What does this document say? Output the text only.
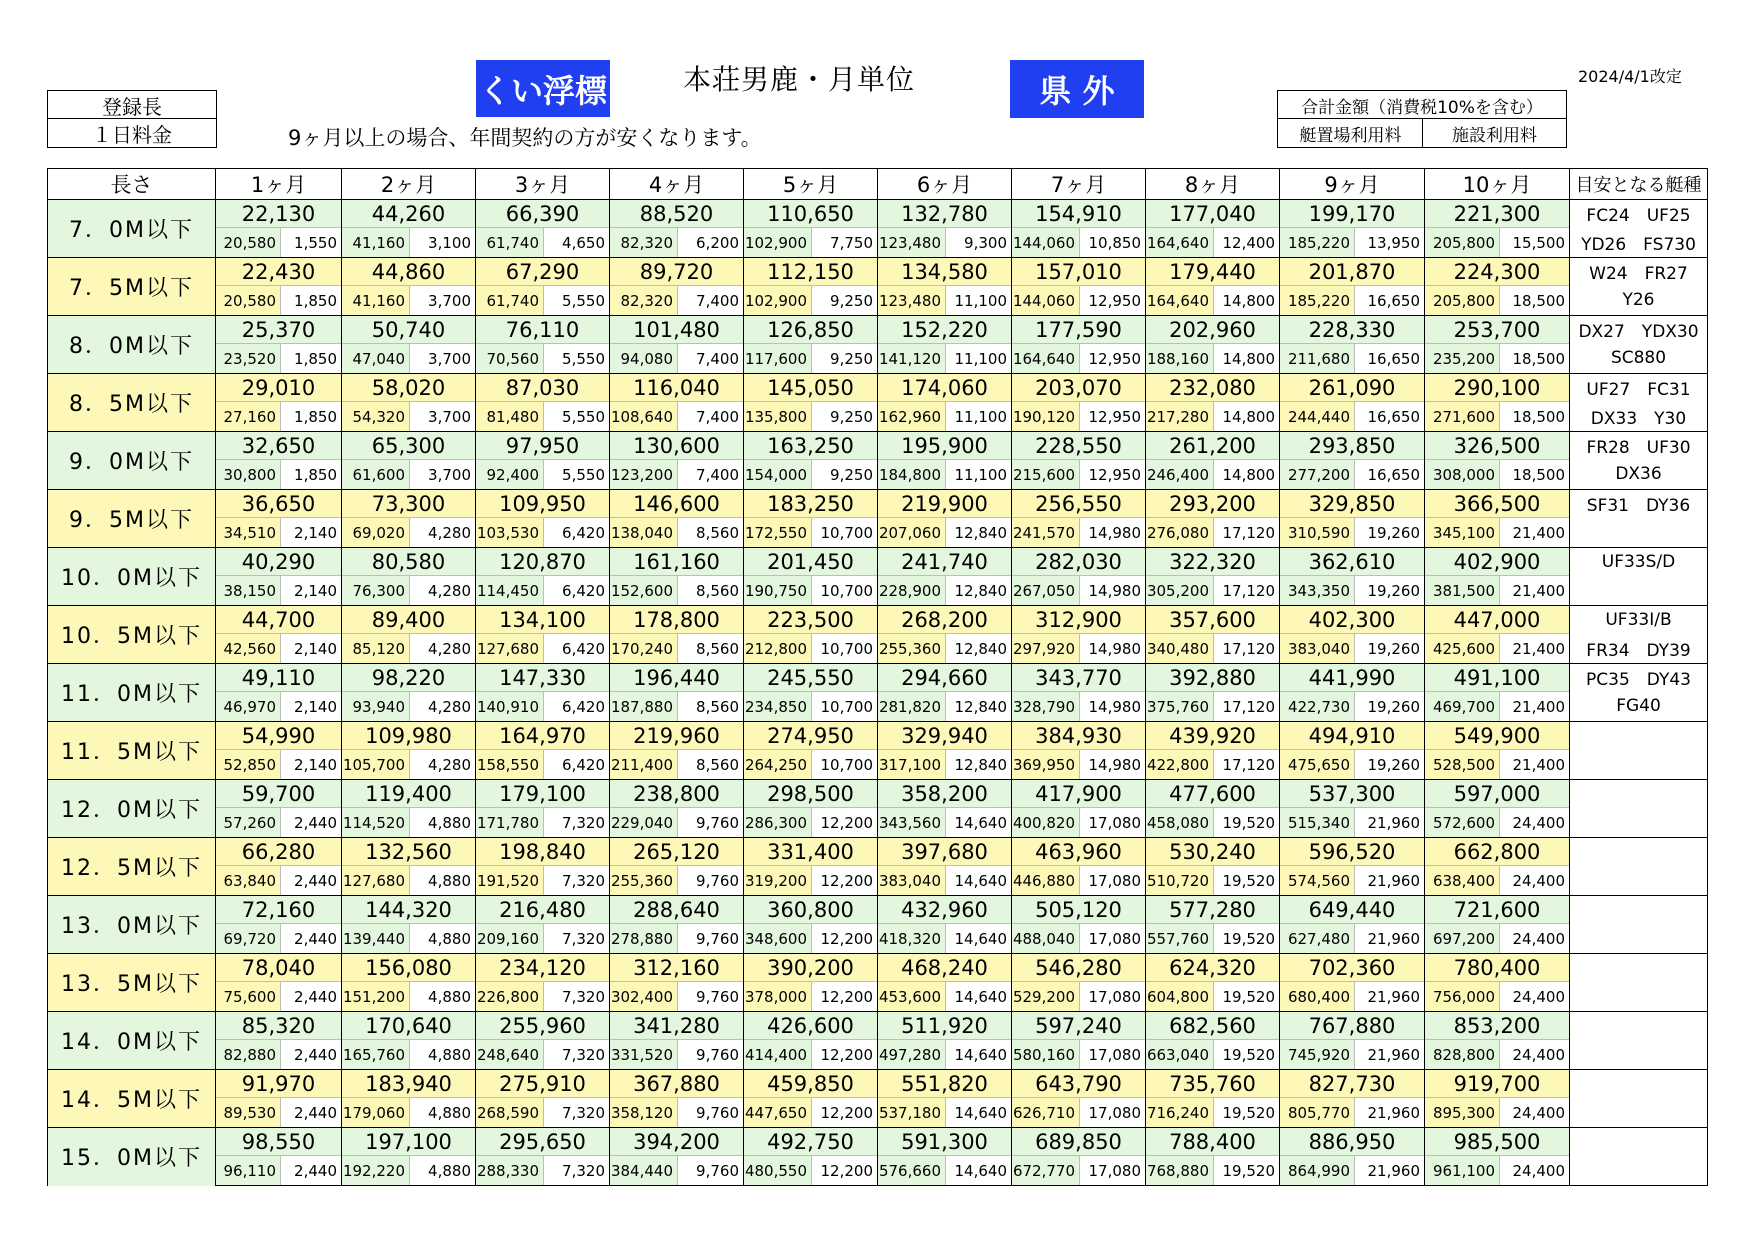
くい浮標	本荘男鹿・月単位	県 外	2024/4/1改定
登録長
１日料金	9ヶ月以上の場合、年間契約の方が安くなります。
合計金額（消費税10%を含む）
艇置場利用料	施設利用料
長さ	1ヶ月		2ヶ月		3ヶ月		4ヶ月		5ヶ月		6ヶ月		7ヶ月		8ヶ月		9ヶ月		10ヶ月		目安となる艇種
7．0M以下	22,130		44,260		66,390		88,520		110,650		132,780		154,910		177,040		199,170		221,300		FC24　UF25
	20,580	1,550	41,160	3,100	61,740	4,650	82,320	6,200	102,900	7,750	123,480	9,300	144,060	10,850	164,640	12,400	185,220	13,950	205,800	15,500	YD26　FS730
7．5M以下	22,430		44,860		67,290		89,720		112,150		134,580		157,010		179,440		201,870		224,300		W24　FR27
	20,580	1,850	41,160	3,700	61,740	5,550	82,320	7,400	102,900	9,250	123,480	11,100	144,060	12,950	164,640	14,800	185,220	16,650	205,800	18,500	Y26
8．0M以下	25,370		50,740		76,110		101,480		126,850		152,220		177,590		202,960		228,330		253,700		DX27　YDX30
	23,520	1,850	47,040	3,700	70,560	5,550	94,080	7,400	117,600	9,250	141,120	11,100	164,640	12,950	188,160	14,800	211,680	16,650	235,200	18,500	SC880
8．5M以下	29,010		58,020		87,030		116,040		145,050		174,060		203,070		232,080		261,090		290,100		UF27　FC31
	27,160	1,850	54,320	3,700	81,480	5,550	108,640	7,400	135,800	9,250	162,960	11,100	190,120	12,950	217,280	14,800	244,440	16,650	271,600	18,500	DX33　Y30
9．0M以下	32,650		65,300		97,950		130,600		163,250		195,900		228,550		261,200		293,850		326,500		FR28　UF30
	30,800	1,850	61,600	3,700	92,400	5,550	123,200	7,400	154,000	9,250	184,800	11,100	215,600	12,950	246,400	14,800	277,200	16,650	308,000	18,500	DX36
9．5M以下	36,650		73,300		109,950		146,600		183,250		219,900		256,550		293,200		329,850		366,500		SF31　DY36
	34,510	2,140	69,020	4,280	103,530	6,420	138,040	8,560	172,550	10,700	207,060	12,840	241,570	14,980	276,080	17,120	310,590	19,260	345,100	21,400	
10．0M以下	40,290		80,580		120,870		161,160		201,450		241,740		282,030		322,320		362,610		402,900		UF33S/D
	38,150	2,140	76,300	4,280	114,450	6,420	152,600	8,560	190,750	10,700	228,900	12,840	267,050	14,980	305,200	17,120	343,350	19,260	381,500	21,400	
10．5M以下	44,700		89,400		134,100		178,800		223,500		268,200		312,900		357,600		402,300		447,000		UF33I/B
	42,560	2,140	85,120	4,280	127,680	6,420	170,240	8,560	212,800	10,700	255,360	12,840	297,920	14,980	340,480	17,120	383,040	19,260	425,600	21,400	FR34　DY39
11．0M以下	49,110		98,220		147,330		196,440		245,550		294,660		343,770		392,880		441,990		491,100		PC35　DY43
	46,970	2,140	93,940	4,280	140,910	6,420	187,880	8,560	234,850	10,700	281,820	12,840	328,790	14,980	375,760	17,120	422,730	19,260	469,700	21,400	FG40
11．5M以下	54,990		109,980		164,970		219,960		274,950		329,940		384,930		439,920		494,910		549,900		
	52,850	2,140	105,700	4,280	158,550	6,420	211,400	8,560	264,250	10,700	317,100	12,840	369,950	14,980	422,800	17,120	475,650	19,260	528,500	21,400	
12．0M以下	59,700		119,400		179,100		238,800		298,500		358,200		417,900		477,600		537,300		597,000		
	57,260	2,440	114,520	4,880	171,780	7,320	229,040	9,760	286,300	12,200	343,560	14,640	400,820	17,080	458,080	19,520	515,340	21,960	572,600	24,400	
12．5M以下	66,280		132,560		198,840		265,120		331,400		397,680		463,960		530,240		596,520		662,800		
	63,840	2,440	127,680	4,880	191,520	7,320	255,360	9,760	319,200	12,200	383,040	14,640	446,880	17,080	510,720	19,520	574,560	21,960	638,400	24,400	
13．0M以下	72,160		144,320		216,480		288,640		360,800		432,960		505,120		577,280		649,440		721,600		
	69,720	2,440	139,440	4,880	209,160	7,320	278,880	9,760	348,600	12,200	418,320	14,640	488,040	17,080	557,760	19,520	627,480	21,960	697,200	24,400	
13．5M以下	78,040		156,080		234,120		312,160		390,200		468,240		546,280		624,320		702,360		780,400		
	75,600	2,440	151,200	4,880	226,800	7,320	302,400	9,760	378,000	12,200	453,600	14,640	529,200	17,080	604,800	19,520	680,400	21,960	756,000	24,400	
14．0M以下	85,320		170,640		255,960		341,280		426,600		511,920		597,240		682,560		767,880		853,200		
	82,880	2,440	165,760	4,880	248,640	7,320	331,520	9,760	414,400	12,200	497,280	14,640	580,160	17,080	663,040	19,520	745,920	21,960	828,800	24,400	
14．5M以下	91,970		183,940		275,910		367,880		459,850		551,820		643,790		735,760		827,730		919,700		
	89,530	2,440	179,060	4,880	268,590	7,320	358,120	9,760	447,650	12,200	537,180	14,640	626,710	17,080	716,240	19,520	805,770	21,960	895,300	24,400	
15．0M以下	98,550		197,100		295,650		394,200		492,750		591,300		689,850		788,400		886,950		985,500		
	96,110	2,440	192,220	4,880	288,330	7,320	384,440	9,760	480,550	12,200	576,660	14,640	672,770	17,080	768,880	19,520	864,990	21,960	961,100	24,400	
